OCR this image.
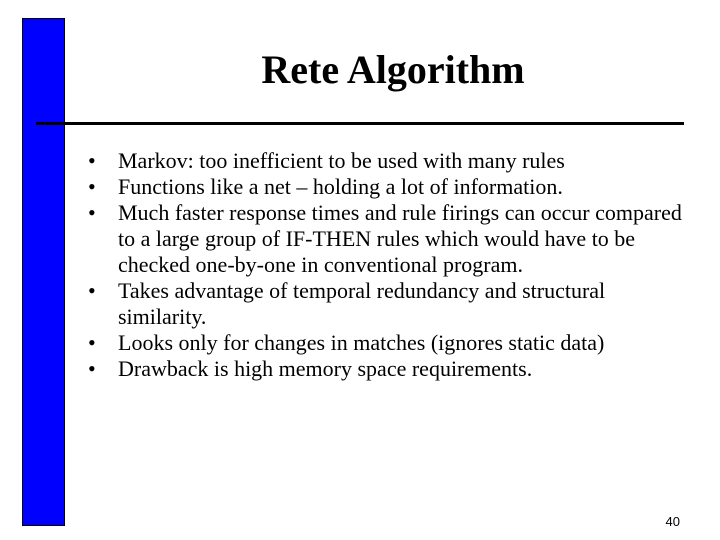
Rete Algorithm
• Markov: too inefficient to be used with many rules
• Functions like a net – holding a lot of information.
• Much faster response times and rule firings can occur compared to a large group of IF-THEN rules which would have to be checked one-by-one in conventional program.
• Takes advantage of temporal redundancy and structural similarity.
• Looks only for changes in matches (ignores static data)
• Drawback is high memory space requirements.
40
